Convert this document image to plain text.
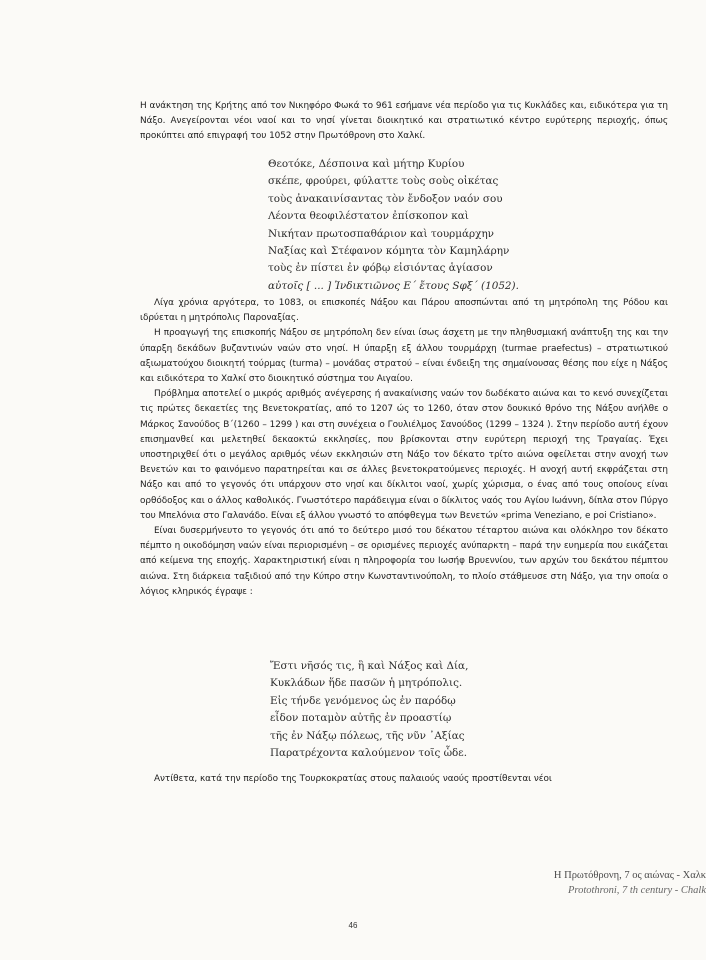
Η ανάκτηση της Κρήτης από τον Νικηφόρο Φωκά το 961 εσήμανε νέα περίοδο για τις Κυκλάδες και, ειδικότερα για τη Νάξο. Ανεγείρονται νέοι ναοί και το νησί γίνεται διοικητικό και στρατιωτικό κέντρο ευρύτερης περιοχής, όπως προκύπτει από επιγραφή του 1052 στην Πρωτόθρονη στο Χαλκί.

Θεοτόκε, Δέσποινα καὶ μήτηρ Κυρίου
σκέπε, φρούρει, φύλαττε τοὺς σοὺς οἰκέτας
τοὺς ἀνακαινίσαντας τὸν ἔνδοξον ναόν σου
Λέοντα θεοφιλέστατον ἐπίσκοπον καὶ
Νικήταν πρωτοσπαθάριον καὶ τουρμάρχην
Ναξίας καὶ Στέφανον κόμητα τὸν Καμηλάρην
τοὺς ἐν πίστει ἐν φόβῳ εἰσιόντας ἁγίασον
αὐτοῖς [ ... ] Ἰνδικτιῶνος Ε΄ ἔτους Sφξ΄ (1052).

Λίγα χρόνια αργότερα, το 1083, οι επισκοπές Νάξου και Πάρου αποσπώνται από τη μητρόπολη της Ρόδου και ιδρύεται η μητρόπολις Παροναξίας.

Η προαγωγή της επισκοπής Νάξου σε μητρόπολη δεν είναι ίσως άσχετη με την πληθυσμιακή ανάπτυξη της και την ύπαρξη δεκάδων βυζαντινών ναών στο νησί. Η ύπαρξη εξ άλλου τουρμάρχη (turmae praefectus) – στρατιωτικού αξιωματούχου διοικητή τούρμας (turma) – μονάδας στρατού – είναι ένδειξη της σημαίνουσας θέσης που είχε η Νάξος και ειδικότερα το Χαλκί στο διοικητικό σύστημα του Αιγαίου.

Πρόβλημα αποτελεί ο μικρός αριθμός ανέγερσης ή ανακαίνισης ναών τον δωδέκατο αιώνα και το κενό συνεχίζεται τις πρώτες δεκαετίες της Βενετοκρατίας, από το 1207 ώς το 1260, όταν στον δουκικό θρόνο της Νάξου ανήλθε ο Μάρκος Σανούδος Β΄(1260 – 1299 ) και στη συνέχεια ο Γουλιέλμος Σανούδος (1299 – 1324 ). Στην περίοδο αυτή έχουν επισημανθεί και μελετηθεί δεκαοκτώ εκκλησίες, που βρίσκονται στην ευρύτερη περιοχή της Τραγαίας. Έχει υποστηριχθεί ότι ο μεγάλος αριθμός νέων εκκλησιών στη Νάξο τον δέκατο τρίτο αιώνα οφείλεται στην ανοχή των Βενετών και το φαινόμενο παρατηρείται και σε άλλες βενετοκρατούμενες περιοχές. Η ανοχή αυτή εκφράζεται στη Νάξο και από το γεγονός ότι υπάρχουν στο νησί και δίκλιτοι ναοί, χωρίς χώρισμα, ο ένας από τους οποίους είναι ορθόδοξος και ο άλλος καθολικός. Γνωστότερο παράδειγμα είναι ο δίκλιτος ναός του Αγίου Ιωάννη, δίπλα στον Πύργο του Μπελόνια στο Γαλανάδο. Είναι εξ άλλου γνωστό το απόφθεγμα των Βενετών «prima Veneziano, e poi Cristiano».

Είναι δυσερμήνευτο το γεγονός ότι από το δεύτερο μισό του δέκατου τέταρτου αιώνα και ολόκληρο τον δέκατο πέμπτο η οικοδόμηση ναών είναι περιορισμένη – σε ορισμένες περιοχές ανύπαρκτη – παρά την ευημερία που εικάζεται από κείμενα της εποχής. Χαρακτηριστική είναι η πληροφορία του Ιωσήφ Βρυεννίου, των αρχών του δεκάτου πέμπτου αιώνα. Στη διάρκεια ταξιδιού από την Κύπρο στην Κωνσταντινούπολη, το πλοίο στάθμευσε στη Νάξο, για την οποία ο λόγιος κληρικός έγραψε :

Ἔστι νῆσός τις, ἣ καὶ Νάξος καὶ Δία,
Κυκλάδων ἥδε πασῶν ἡ μητρόπολις.
Εἰς τήνδε γενόμενος ὡς ἐν παρόδῳ
εἶδον ποταμὸν αὐτῆς ἐν προαστίῳ
τῆς ἐν Νάξῳ πόλεως, τῆς νῦν ᾿Αξίας
Παρατρέχοντα καλούμενον τοῖς ὧδε.

Αντίθετα, κατά την περίοδο της Τουρκοκρατίας στους παλαιούς ναούς προστίθενται νέοι

Η Πρωτόθρονη, 7 ος αιώνας - Χαλκ
Protothroni, 7 th century - Chalk
46
